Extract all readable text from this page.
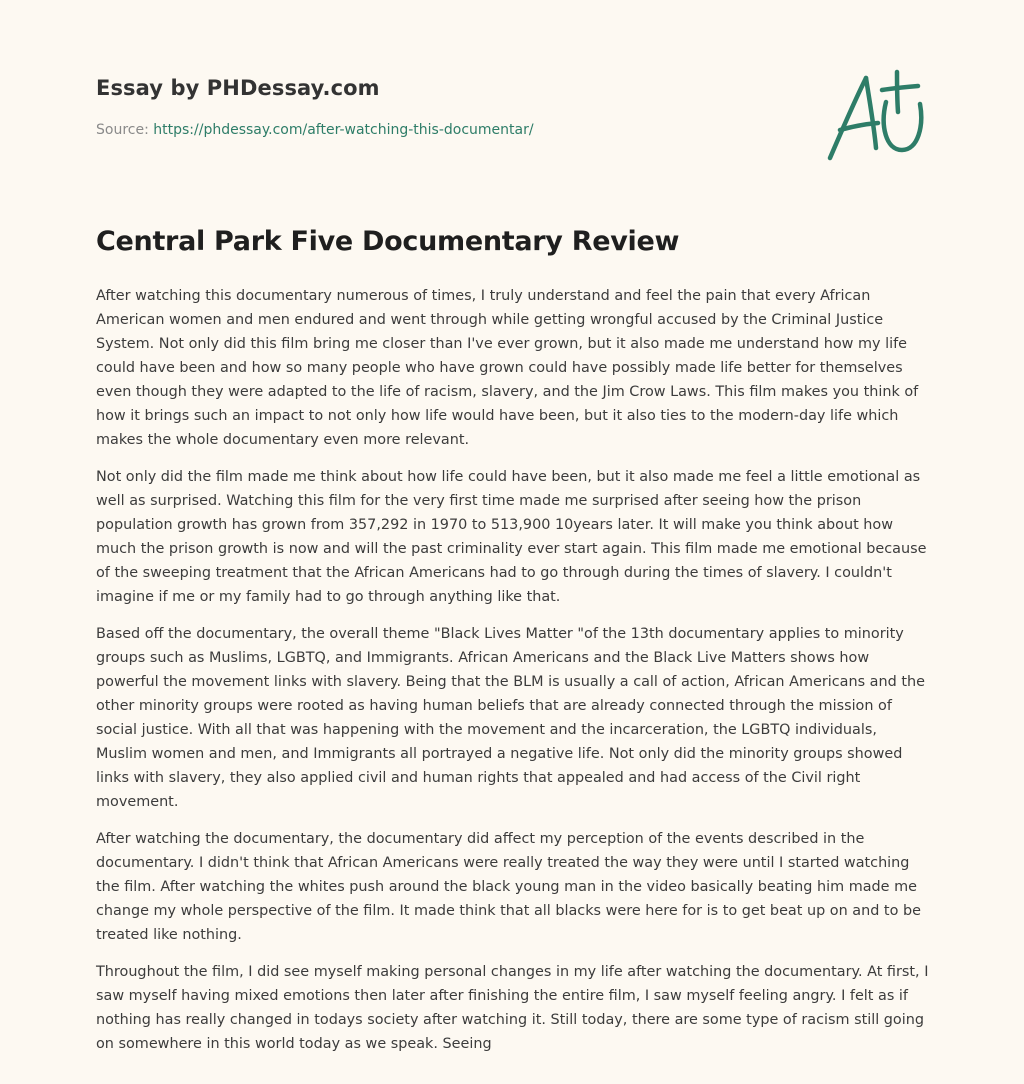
Essay by PHDessay.com
Source: https://phdessay.com/after-watching-this-documentar/
Central Park Five Documentary Review

After watching this documentary numerous of times, I truly understand and feel the pain that every African American women and men endured and went through while getting wrongful accused by the Criminal Justice System. Not only did this film bring me closer than I've ever grown, but it also made me understand how my life could have been and how so many people who have grown could have possibly made life better for themselves even though they were adapted to the life of racism, slavery, and the Jim Crow Laws. This film makes you think of how it brings such an impact to not only how life would have been, but it also ties to the modern-day life which makes the whole documentary even more relevant.

Not only did the film made me think about how life could have been, but it also made me feel a little emotional as well as surprised. Watching this film for the very first time made me surprised after seeing how the prison population growth has grown from 357,292 in 1970 to 513,900 10years later. It will make you think about how much the prison growth is now and will the past criminality ever start again. This film made me emotional because of the sweeping treatment that the African Americans had to go through during the times of slavery. I couldn't imagine if me or my family had to go through anything like that.

Based off the documentary, the overall theme "Black Lives Matter "of the 13th documentary applies to minority groups such as Muslims, LGBTQ, and Immigrants. African Americans and the Black Live Matters shows how powerful the movement links with slavery. Being that the BLM is usually a call of action, African Americans and the other minority groups were rooted as having human beliefs that are already connected through the mission of social justice. With all that was happening with the movement and the incarceration, the LGBTQ individuals, Muslim women and men, and Immigrants all portrayed a negative life. Not only did the minority groups showed links with slavery, they also applied civil and human rights that appealed and had access of the Civil right movement.

After watching the documentary, the documentary did affect my perception of the events described in the documentary. I didn't think that African Americans were really treated the way they were until I started watching the film. After watching the whites push around the black young man in the video basically beating him made me change my whole perspective of the film. It made think that all blacks were here for is to get beat up on and to be treated like nothing.

Throughout the film, I did see myself making personal changes in my life after watching the documentary. At first, I saw myself having mixed emotions then later after finishing the entire film, I saw myself feeling angry. I felt as if nothing has really changed in todays society after watching it. Still today, there are some type of racism still going on somewhere in this world today as we speak. Seeing
